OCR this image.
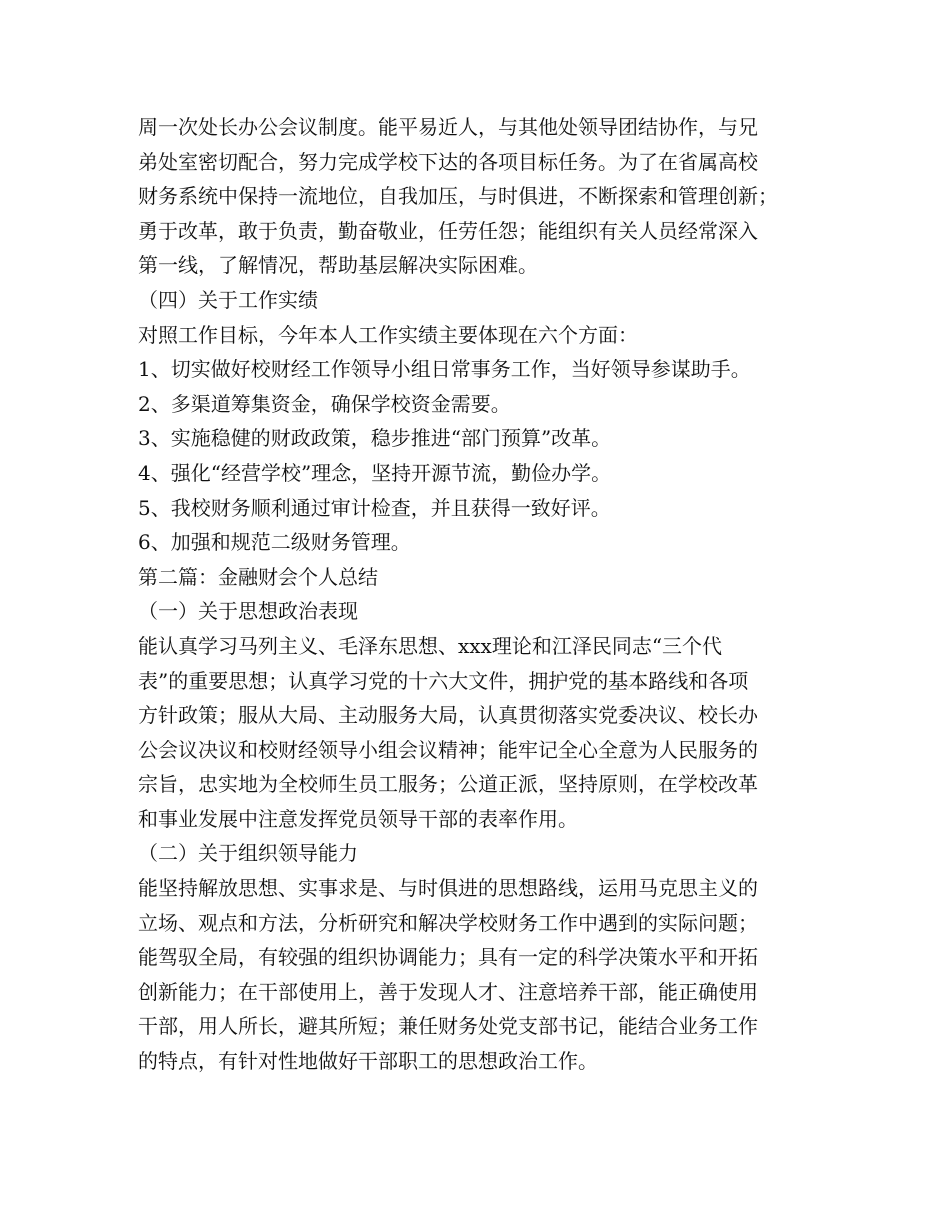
周一次处长办公会议制度。能平易近人，与其他处领导团结协作，与兄
弟处室密切配合，努力完成学校下达的各项目标任务。为了在省属高校
财务系统中保持一流地位，自我加压，与时俱进，不断探索和管理创新；
勇于改革，敢于负责，勤奋敬业，任劳任怨；能组织有关人员经常深入
第一线，了解情况，帮助基层解决实际困难。
（四）关于工作实绩
对照工作目标，今年本人工作实绩主要体现在六个方面：
1、切实做好校财经工作领导小组日常事务工作，当好领导参谋助手。
2、多渠道筹集资金，确保学校资金需要。
3、实施稳健的财政政策，稳步推进“部门预算”改革。
4、强化“经营学校”理念，坚持开源节流，勤俭办学。
5、我校财务顺利通过审计检查，并且获得一致好评。
6、加强和规范二级财务管理。
第二篇：金融财会个人总结
（一）关于思想政治表现
能认真学习马列主义、毛泽东思想、xxx理论和江泽民同志“三个代
表”的重要思想；认真学习党的十六大文件，拥护党的基本路线和各项
方针政策；服从大局、主动服务大局，认真贯彻落实党委决议、校长办
公会议决议和校财经领导小组会议精神；能牢记全心全意为人民服务的
宗旨，忠实地为全校师生员工服务；公道正派，坚持原则，在学校改革
和事业发展中注意发挥党员领导干部的表率作用。
（二）关于组织领导能力
能坚持解放思想、实事求是、与时俱进的思想路线，运用马克思主义的
立场、观点和方法，分析研究和解决学校财务工作中遇到的实际问题；
能驾驭全局，有较强的组织协调能力；具有一定的科学决策水平和开拓
创新能力；在干部使用上，善于发现人才、注意培养干部，能正确使用
干部，用人所长，避其所短；兼任财务处党支部书记，能结合业务工作
的特点，有针对性地做好干部职工的思想政治工作。
